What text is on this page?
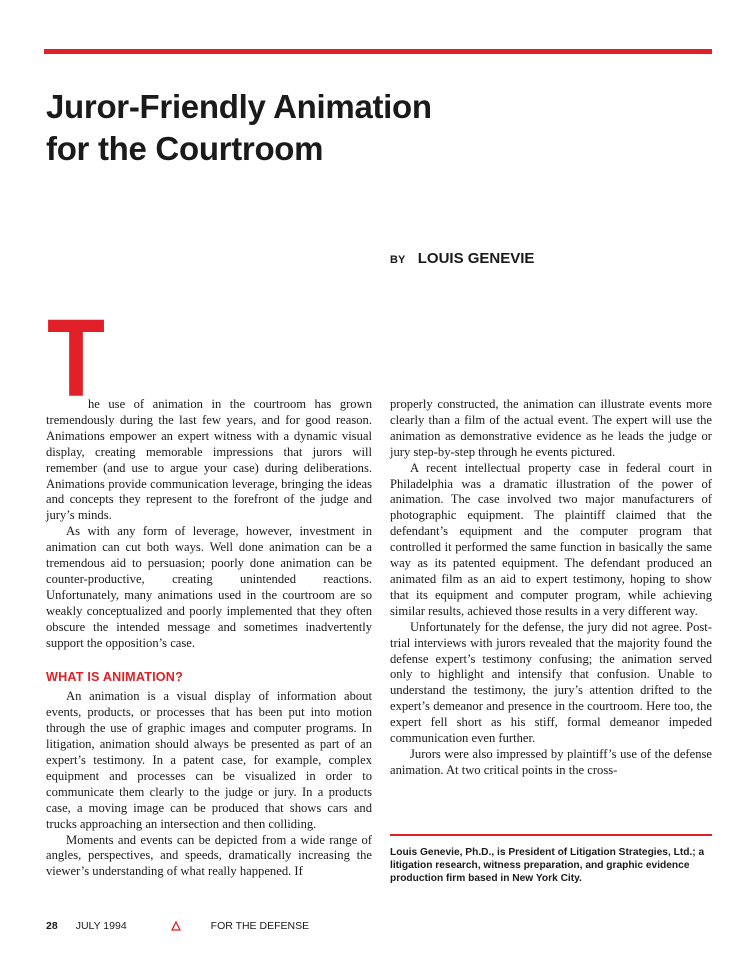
Juror-Friendly Animation
for the Courtroom
BY LOUIS GENEVIE
T

he use of animation in the courtroom has grown tremendously during the last few years, and for good reason. Animations empower an expert witness with a dynamic visual display, creating memorable impressions that jurors will remember (and use to argue your case) during deliberations. Animations provide communication leverage, bringing the ideas and concepts they represent to the forefront of the judge and jury’s minds.

As with any form of leverage, however, investment in animation can cut both ways. Well done animation can be a tremendous aid to persuasion; poorly done animation can be counter-productive, creating unintended reactions. Unfortunately, many animations used in the courtroom are so weakly conceptualized and poorly implemented that they often obscure the intended message and sometimes inadvertently support the opposition’s case.

WHAT IS ANIMATION?

An animation is a visual display of information about events, products, or processes that has been put into motion through the use of graphic images and computer programs. In litigation, animation should always be presented as part of an expert’s testimony. In a patent case, for example, complex equipment and processes can be visualized in order to communicate them clearly to the judge or jury. In a products case, a moving image can be produced that shows cars and trucks approaching an intersection and then colliding.

Moments and events can be depicted from a wide range of angles, perspectives, and speeds, dramatically increasing the viewer’s understanding of what really happened. If

properly constructed, the animation can illustrate events more clearly than a film of the actual event. The expert will use the animation as demonstrative evidence as he leads the judge or jury step-by-step through he events pictured.

A recent intellectual property case in federal court in Philadelphia was a dramatic illustration of the power of animation. The case involved two major manufacturers of photographic equipment. The plaintiff claimed that the defendant’s equipment and the computer program that controlled it performed the same function in basically the same way as its patented equipment. The defendant produced an animated film as an aid to expert testimony, hoping to show that its equipment and computer program, while achieving similar results, achieved those results in a very different way.

Unfortunately for the defense, the jury did not agree. Post-trial interviews with jurors revealed that the majority found the defense expert’s testimony confusing; the animation served only to highlight and intensify that confusion. Unable to understand the testimony, the jury’s attention drifted to the expert’s demeanor and presence in the courtroom. Here too, the expert fell short as his stiff, formal demeanor impeded communication even further.

Jurors were also impressed by plaintiff’s use of the defense animation. At two critical points in the cross-

Louis Genevie, Ph.D., is President of Litigation Strategies, Ltd.; a litigation research, witness preparation, and graphic evidence production firm based in New York City.
28 JULY 1994	FOR THE DEFENSE
